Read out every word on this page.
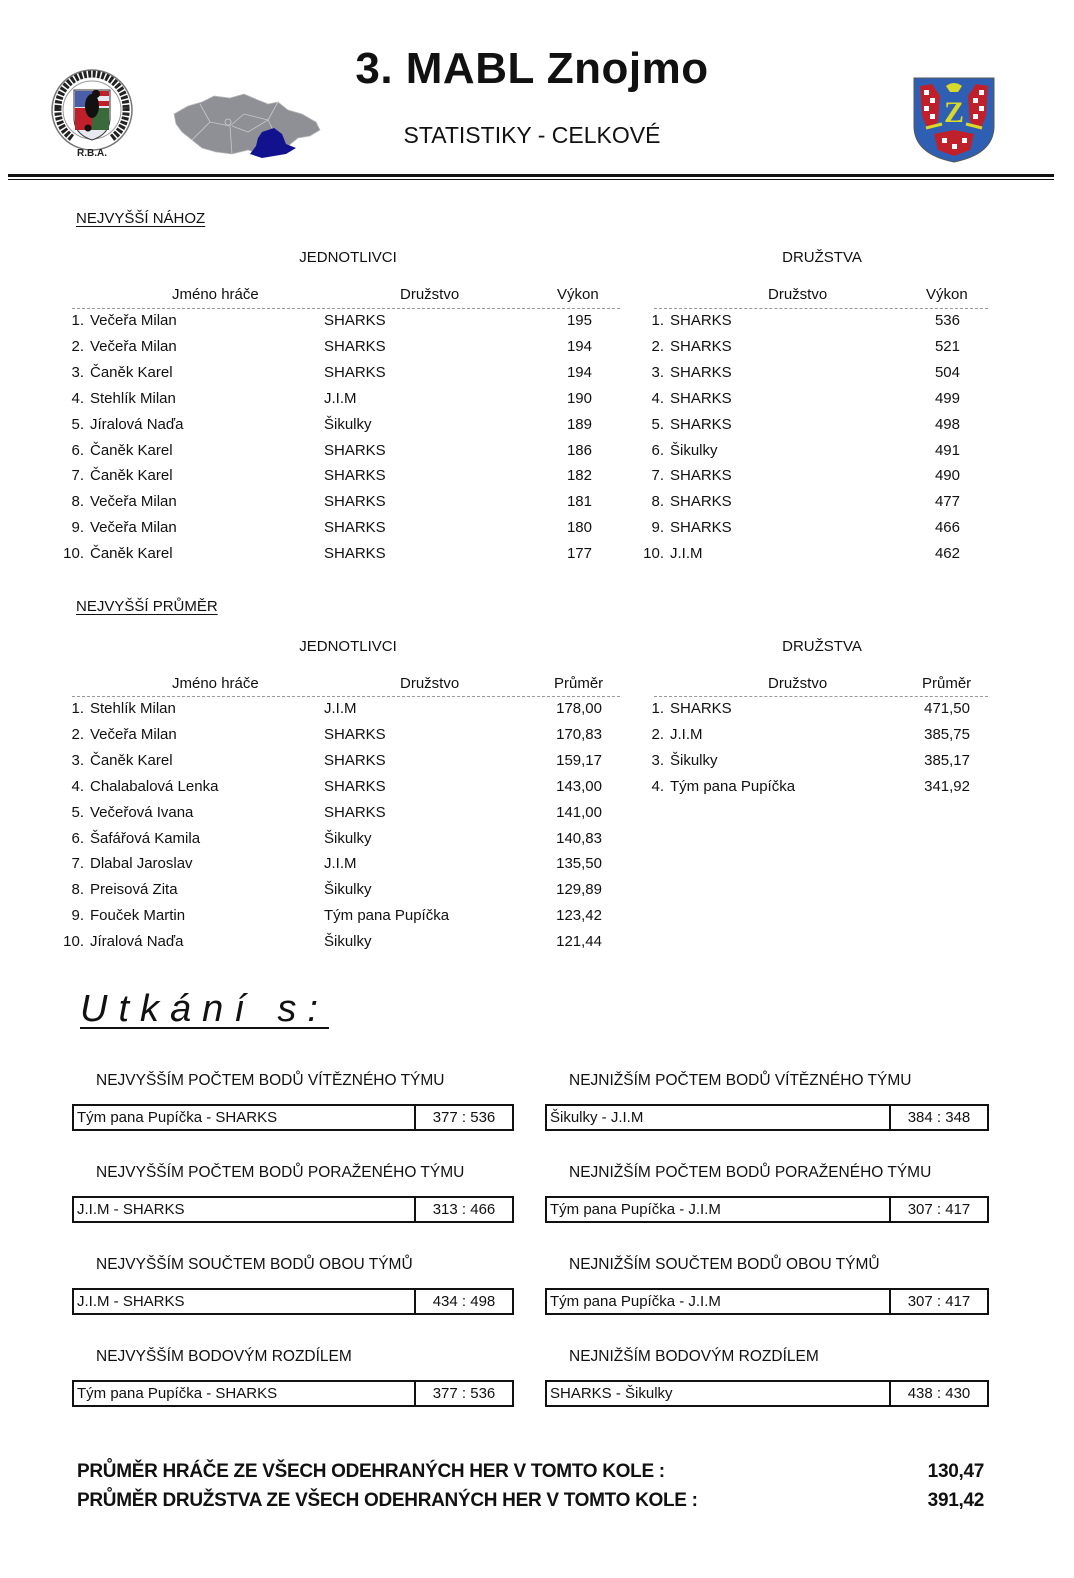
R.B.A.
3. MABL Znojmo
STATISTIKY - CELKOVÉ
Z
NEJVYŠŠÍ NÁHOZ
JEDNOTLIVCI	DRUŽSTVA
Jméno hráče	Družstvo	Výkon	Družstvo	Výkon
1. Večeřa Milan	SHARKS	195
2. Večeřa Milan	SHARKS	194
3. Čaněk Karel	SHARKS	194
4. Stehlík Milan	J.I.M	190
5. Jíralová Naďa	Šikulky	189
6. Čaněk Karel	SHARKS	186
7. Čaněk Karel	SHARKS	182
8. Večeřa Milan	SHARKS	181
9. Večeřa Milan	SHARKS	180
10. Čaněk Karel	SHARKS	177
1. SHARKS	536
2. SHARKS	521
3. SHARKS	504
4. SHARKS	499
5. SHARKS	498
6. Šikulky	491
7. SHARKS	490
8. SHARKS	477
9. SHARKS	466
10. J.I.M	462
NEJVYŠŠÍ PRŮMĚR
JEDNOTLIVCI	DRUŽSTVA
Jméno hráče	Družstvo	Průměr	Družstvo	Průměr
1. Stehlík Milan	J.I.M	178,00
2. Večeřa Milan	SHARKS	170,83
3. Čaněk Karel	SHARKS	159,17
4. Chalabalová Lenka	SHARKS	143,00
5. Večeřová Ivana	SHARKS	141,00
6. Šafářová Kamila	Šikulky	140,83
7. Dlabal Jaroslav	J.I.M	135,50
8. Preisová Zita	Šikulky	129,89
9. Fouček Martin	Tým pana Pupíčka	123,42
10. Jíralová Naďa	Šikulky	121,44
1. SHARKS	471,50
2. J.I.M	385,75
3. Šikulky	385,17
4. Tým pana Pupíčka	341,92
Utkání s:
NEJVYŠŠÍM POČTEM BODŮ VÍTĚZNÉHO TÝMU
Tým pana Pupíčka - SHARKS	377 : 536
NEJVYŠŠÍM POČTEM BODŮ PORAŽENÉHO TÝMU
J.I.M - SHARKS	313 : 466
NEJVYŠŠÍM SOUČTEM BODŮ OBOU TÝMŮ
J.I.M - SHARKS	434 : 498
NEJVYŠŠÍM BODOVÝM ROZDÍLEM
Tým pana Pupíčka - SHARKS	377 : 536
NEJNIŽŠÍM POČTEM BODŮ VÍTĚZNÉHO TÝMU
Šikulky - J.I.M	384 : 348
NEJNIŽŠÍM POČTEM BODŮ PORAŽENÉHO TÝMU
Tým pana Pupíčka - J.I.M	307 : 417
NEJNIŽŠÍM SOUČTEM BODŮ OBOU TÝMŮ
Tým pana Pupíčka - J.I.M	307 : 417
NEJNIŽŠÍM BODOVÝM ROZDÍLEM
SHARKS - Šikulky	438 : 430
PRŮMĚR HRÁČE ZE VŠECH ODEHRANÝCH HER V TOMTO KOLE :	130,47
PRŮMĚR DRUŽSTVA ZE VŠECH ODEHRANÝCH HER V TOMTO KOLE :	391,42
